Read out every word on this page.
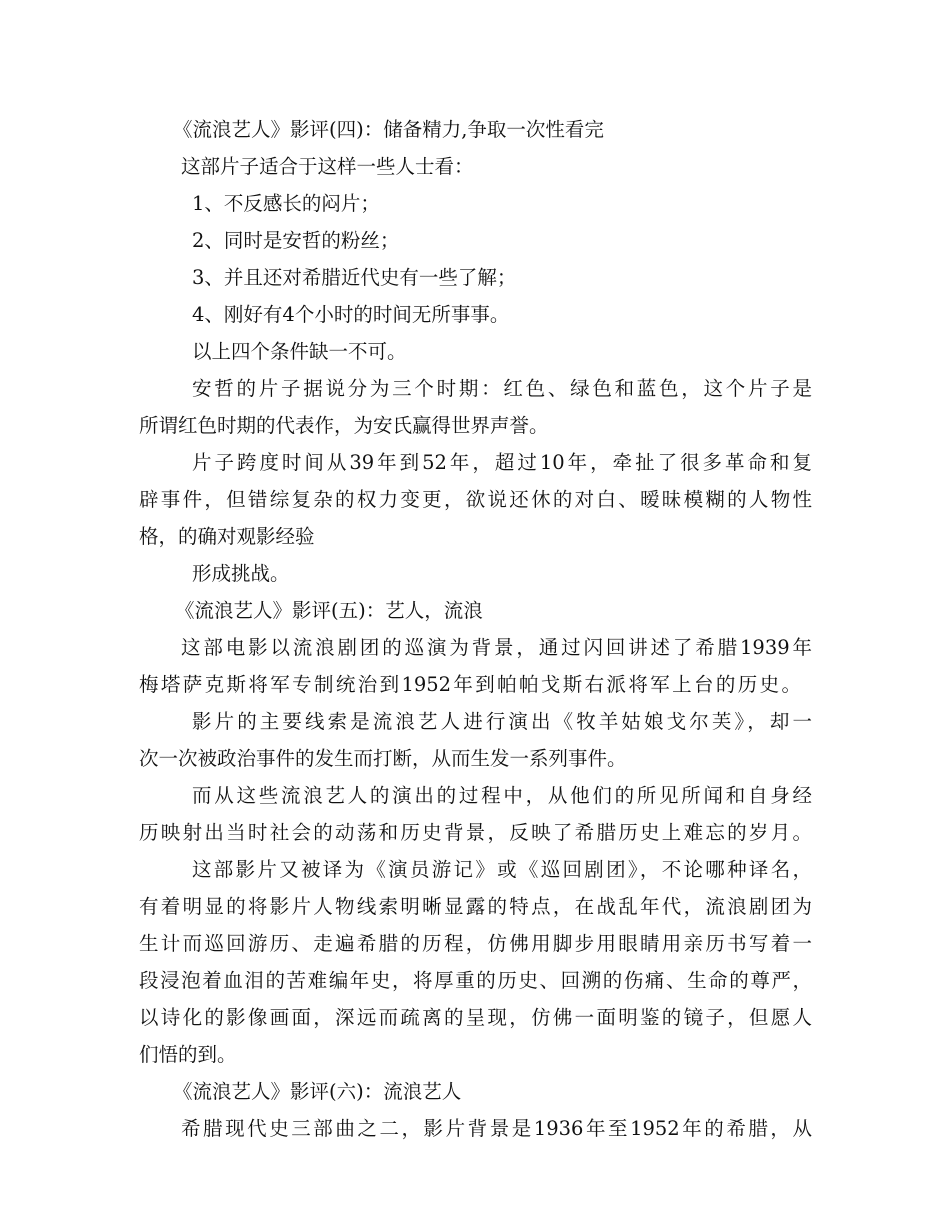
《流浪艺人》影评(四)：储备精力,争取一次性看完
这部片子适合于这样一些人士看：
1、不反感长的闷片；
2、同时是安哲的粉丝；
3、并且还对希腊近代史有一些了解；
4、刚好有4个小时的时间无所事事。
以上四个条件缺一不可。
安哲的片子据说分为三个时期：红色、绿色和蓝色，这个片子是
所谓红色时期的代表作，为安氏赢得世界声誉。
片子跨度时间从39年到52年，超过10年，牵扯了很多革命和复
辟事件，但错综复杂的权力变更，欲说还休的对白、暧昧模糊的人物性
格，的确对观影经验
形成挑战。
《流浪艺人》影评(五)：艺人，流浪
这部电影以流浪剧团的巡演为背景，通过闪回讲述了希腊1939年
梅塔萨克斯将军专制统治到1952年到帕帕戈斯右派将军上台的历史。
影片的主要线索是流浪艺人进行演出《牧羊姑娘戈尔芙》，却一
次一次被政治事件的发生而打断，从而生发一系列事件。
而从这些流浪艺人的演出的过程中，从他们的所见所闻和自身经
历映射出当时社会的动荡和历史背景，反映了希腊历史上难忘的岁月。
这部影片又被译为《演员游记》或《巡回剧团》，不论哪种译名，
有着明显的将影片人物线索明晰显露的特点，在战乱年代，流浪剧团为
生计而巡回游历、走遍希腊的历程，仿佛用脚步用眼睛用亲历书写着一
段浸泡着血泪的苦难编年史，将厚重的历史、回溯的伤痛、生命的尊严，
以诗化的影像画面，深远而疏离的呈现，仿佛一面明鉴的镜子，但愿人
们悟的到。
《流浪艺人》影评(六)：流浪艺人
希腊现代史三部曲之二，影片背景是1936年至1952年的希腊，从
